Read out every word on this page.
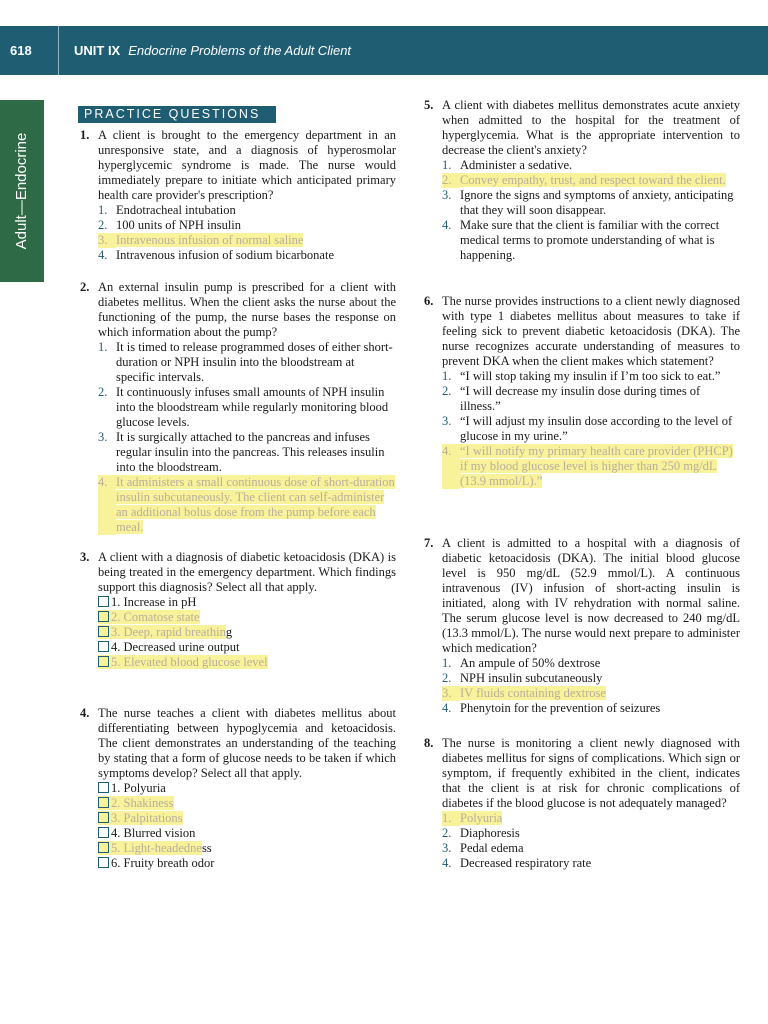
618	UNIT IX Endocrine Problems of the Adult Client
Adult—Endocrine
PRACTICE QUESTIONS
1. A client is brought to the emergency department in an unresponsive state, and a diagnosis of hyperosmolar hyperglycemic syndrome is made. The nurse would immediately prepare to initiate which anticipated primary health care provider's prescription?
1. Endotracheal intubation
2. 100 units of NPH insulin
3. Intravenous infusion of normal saline
4. Intravenous infusion of sodium bicarbonate
2. An external insulin pump is prescribed for a client with diabetes mellitus. When the client asks the nurse about the functioning of the pump, the nurse bases the response on which information about the pump?
1. It is timed to release programmed doses of either short-duration or NPH insulin into the bloodstream at specific intervals.
2. It continuously infuses small amounts of NPH insulin into the bloodstream while regularly monitoring blood glucose levels.
3. It is surgically attached to the pancreas and infuses regular insulin into the pancreas. This releases insulin into the bloodstream.
4. It administers a small continuous dose of short-duration insulin subcutaneously. The client can self-administer an additional bolus dose from the pump before each meal.
3. A client with a diagnosis of diabetic ketoacidosis (DKA) is being treated in the emergency department. Which findings support this diagnosis? Select all that apply.
1. Increase in pH
2. Comatose state
3. Deep, rapid breathing
4. Decreased urine output
5. Elevated blood glucose level
4. The nurse teaches a client with diabetes mellitus about differentiating between hypoglycemia and ketoacidosis. The client demonstrates an understanding of the teaching by stating that a form of glucose needs to be taken if which symptoms develop? Select all that apply.
1. Polyuria
2. Shakiness
3. Palpitations
4. Blurred vision
5. Light-headedness
6. Fruity breath odor
5. A client with diabetes mellitus demonstrates acute anxiety when admitted to the hospital for the treatment of hyperglycemia. What is the appropriate intervention to decrease the client's anxiety?
1. Administer a sedative.
2. Convey empathy, trust, and respect toward the client.
3. Ignore the signs and symptoms of anxiety, anticipating that they will soon disappear.
4. Make sure that the client is familiar with the correct medical terms to promote understanding of what is happening.
6. The nurse provides instructions to a client newly diagnosed with type 1 diabetes mellitus about measures to take if feeling sick to prevent diabetic ketoacidosis (DKA). The nurse recognizes accurate understanding of measures to prevent DKA when the client makes which statement?
1. “I will stop taking my insulin if I’m too sick to eat.”
2. “I will decrease my insulin dose during times of illness.”
3. “I will adjust my insulin dose according to the level of glucose in my urine.”
4. “I will notify my primary health care provider (PHCP) if my blood glucose level is higher than 250 mg/dL (13.9 mmol/L).”
7. A client is admitted to a hospital with a diagnosis of diabetic ketoacidosis (DKA). The initial blood glucose level is 950 mg/dL (52.9 mmol/L). A continuous intravenous (IV) infusion of short-acting insulin is initiated, along with IV rehydration with normal saline. The serum glucose level is now decreased to 240 mg/dL (13.3 mmol/L). The nurse would next prepare to administer which medication?
1. An ampule of 50% dextrose
2. NPH insulin subcutaneously
3. IV fluids containing dextrose
4. Phenytoin for the prevention of seizures
8. The nurse is monitoring a client newly diagnosed with diabetes mellitus for signs of complications. Which sign or symptom, if frequently exhibited in the client, indicates that the client is at risk for chronic complications of diabetes if the blood glucose is not adequately managed?
1. Polyuria
2. Diaphoresis
3. Pedal edema
4. Decreased respiratory rate
